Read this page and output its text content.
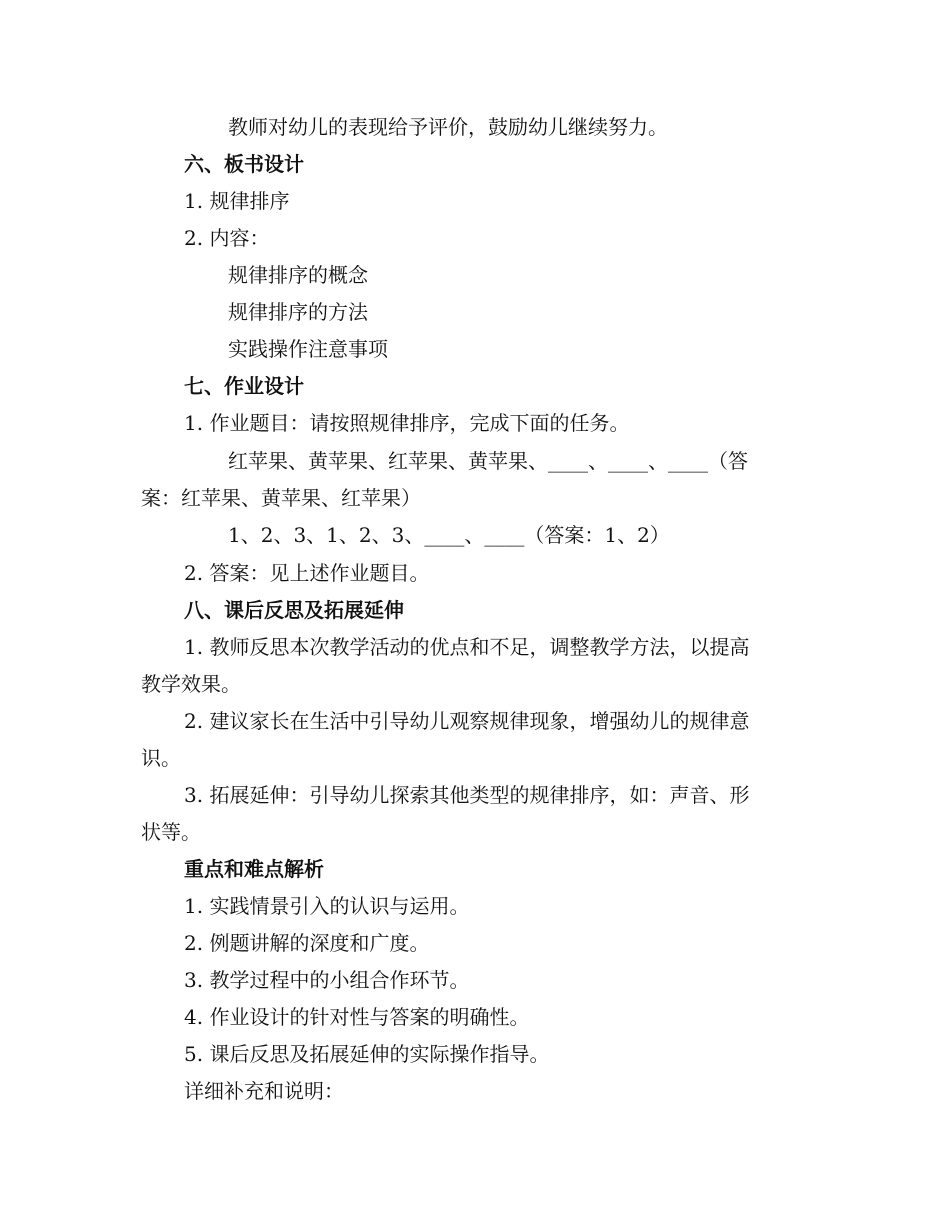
教师对幼儿的表现给予评价，鼓励幼儿继续努力。
六、板书设计
1. 规律排序
2. 内容：
规律排序的概念
规律排序的方法
实践操作注意事项
七、作业设计
1. 作业题目：请按照规律排序，完成下面的任务。
红苹果、黄苹果、红苹果、黄苹果、____、____、____（答
案：红苹果、黄苹果、红苹果）
1、2、3、1、2、3、____、____（答案：1、2）
2. 答案：见上述作业题目。
八、课后反思及拓展延伸
1. 教师反思本次教学活动的优点和不足，调整教学方法，以提高
教学效果。
2. 建议家长在生活中引导幼儿观察规律现象，增强幼儿的规律意
识。
3. 拓展延伸：引导幼儿探索其他类型的规律排序，如：声音、形
状等。
重点和难点解析
1. 实践情景引入的认识与运用。
2. 例题讲解的深度和广度。
3. 教学过程中的小组合作环节。
4. 作业设计的针对性与答案的明确性。
5. 课后反思及拓展延伸的实际操作指导。
详细补充和说明：
